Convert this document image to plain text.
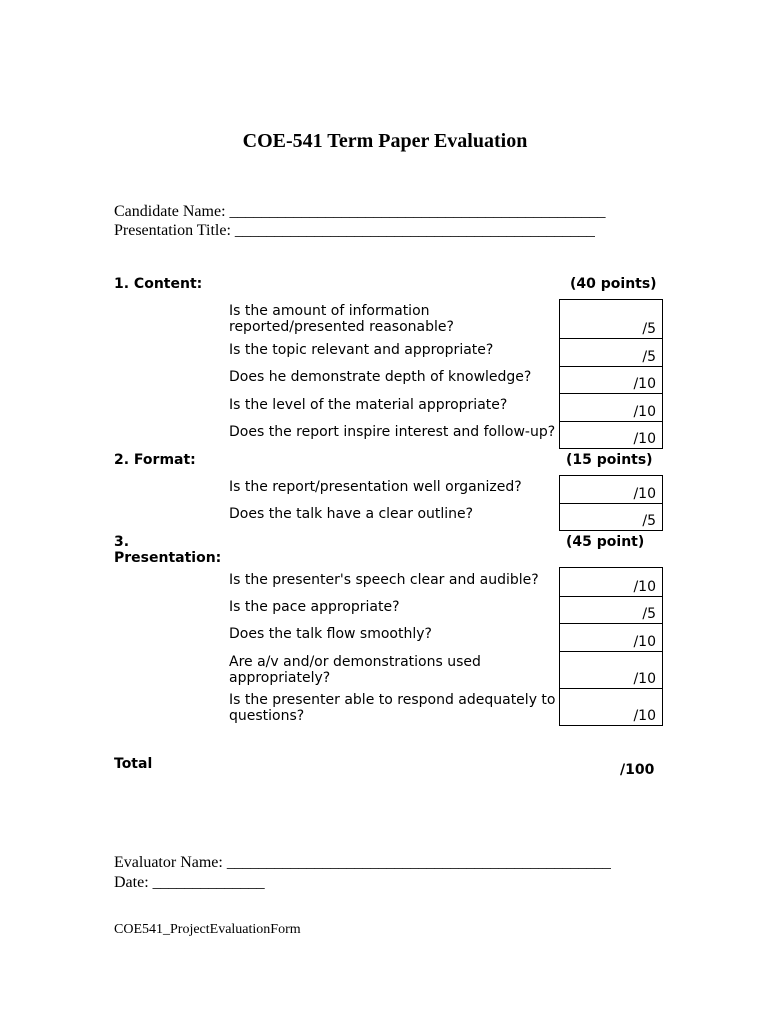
COE-541 Term Paper Evaluation
Candidate Name: _______________________________________________
Presentation Title: _____________________________________________
1. Content:	(40 points)
Is the amount of information
reported/presented reasonable?	/5
Is the topic relevant and appropriate?	/5
Does he demonstrate depth of knowledge?	/10
Is the level of the material appropriate?	/10
Does the report inspire interest and follow-up?	/10
2. Format:	(15 points)
Is the report/presentation well organized?	/10
Does the talk have a clear outline?	/5
3.
Presentation:
(45 point)
Is the presenter's speech clear and audible?	/10
Is the pace appropriate?	/5
Does the talk flow smoothly?	/10
Are a/v and/or demonstrations used
appropriately?	/10
Is the presenter able to respond adequately to
questions?	/10
Total	/100
Evaluator Name: ________________________________________________
Date: ______________
COE541_ProjectEvaluationForm
